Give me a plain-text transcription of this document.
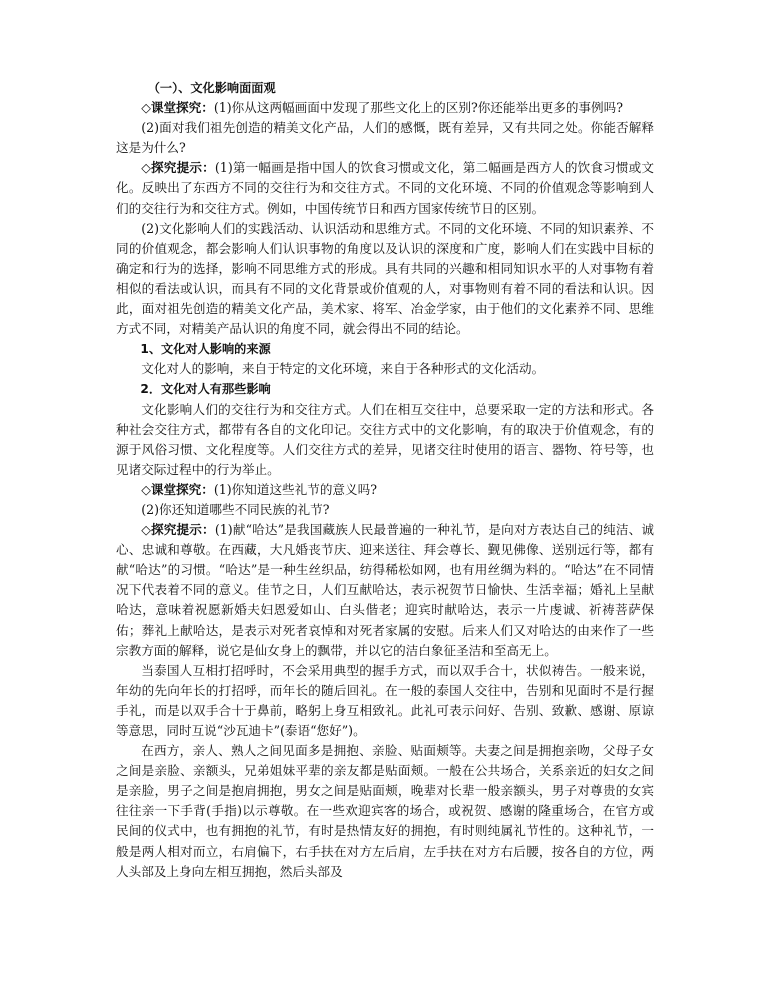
（一）、文化影响面面观

◇课堂探究：(1)你从这两幅画面中发现了那些文化上的区别?你还能举出更多的事例吗?

(2)面对我们祖先创造的精美文化产品，人们的感慨，既有差异，又有共同之处。你能否解释这是为什么?

◇探究提示：(1)第一幅画是指中国人的饮食习惯或文化，第二幅画是西方人的饮食习惯或文化。反映出了东西方不同的交往行为和交往方式。不同的文化环境、不同的价值观念等影响到人们的交往行为和交往方式。例如，中国传统节日和西方国家传统节日的区别。

(2)文化影响人们的实践活动、认识活动和思维方式。不同的文化环境、不同的知识素养、不同的价值观念，都会影响人们认识事物的角度以及认识的深度和广度，影响人们在实践中目标的确定和行为的选择，影响不同思维方式的形成。具有共同的兴趣和相同知识水平的人对事物有着相似的看法或认识，而具有不同的文化背景或价值观的人，对事物则有着不同的看法和认识。因此，面对祖先创造的精美文化产品，美术家、将军、冶金学家，由于他们的文化素养不同、思维方式不同，对精美产品认识的角度不同，就会得出不同的结论。

1、文化对人影响的来源

文化对人的影响，来自于特定的文化环境，来自于各种形式的文化活动。

2．文化对人有那些影响

文化影响人们的交往行为和交往方式。人们在相互交往中，总要采取一定的方法和形式。各种社会交往方式，都带有各自的文化印记。交往方式中的文化影响，有的取决于价值观念，有的源于风俗习惯、文化程度等。人们交往方式的差异，见诸交往时使用的语言、器物、符号等，也见诸交际过程中的行为举止。

◇课堂探究：(1)你知道这些礼节的意义吗?

(2)你还知道哪些不同民族的礼节?

◇探究提示：(1)献“哈达”是我国藏族人民最普遍的一种礼节，是向对方表达自己的纯洁、诚心、忠诚和尊敬。在西藏，大凡婚丧节庆、迎来送往、拜会尊长、觐见佛像、送别远行等，都有献“哈达”的习惯。“哈达”是一种生丝织品，纺得稀松如网，也有用丝绸为料的。“哈达”在不同情况下代表着不同的意义。佳节之日，人们互献哈达，表示祝贺节日愉快、生活幸福；婚礼上呈献哈达，意味着祝愿新婚夫妇恩爱如山、白头偕老；迎宾时献哈达，表示一片虔诚、祈祷菩萨保佑；葬礼上献哈达，是表示对死者哀悼和对死者家属的安慰。后来人们又对哈达的由来作了一些宗教方面的解释，说它是仙女身上的飘带，并以它的洁白象征圣洁和至高无上。

当泰国人互相打招呼时，不会采用典型的握手方式，而以双手合十，状似祷告。一般来说，年幼的先向年长的打招呼，而年长的随后回礼。在一般的泰国人交往中，告别和见面时不是行握手礼，而是以双手合十于鼻前，略躬上身互相致礼。此礼可表示问好、告别、致歉、感谢、原谅等意思，同时互说“沙瓦迪卡”(泰语“您好”)。

在西方，亲人、熟人之间见面多是拥抱、亲脸、贴面颊等。夫妻之间是拥抱亲吻，父母子女之间是亲脸、亲额头，兄弟姐妹平辈的亲友都是贴面颊。一般在公共场合，关系亲近的妇女之间是亲脸，男子之间是抱肩拥抱，男女之间是贴面颊，晚辈对长辈一般亲额头，男子对尊贵的女宾往往亲一下手背(手指)以示尊敬。在一些欢迎宾客的场合，或祝贺、感谢的隆重场合，在官方或民间的仪式中，也有拥抱的礼节，有时是热情友好的拥抱，有时则纯属礼节性的。这种礼节，一般是两人相对而立，右肩偏下，右手扶在对方左后肩，左手扶在对方右后腰，按各自的方位，两人头部及上身向左相互拥抱，然后头部及
